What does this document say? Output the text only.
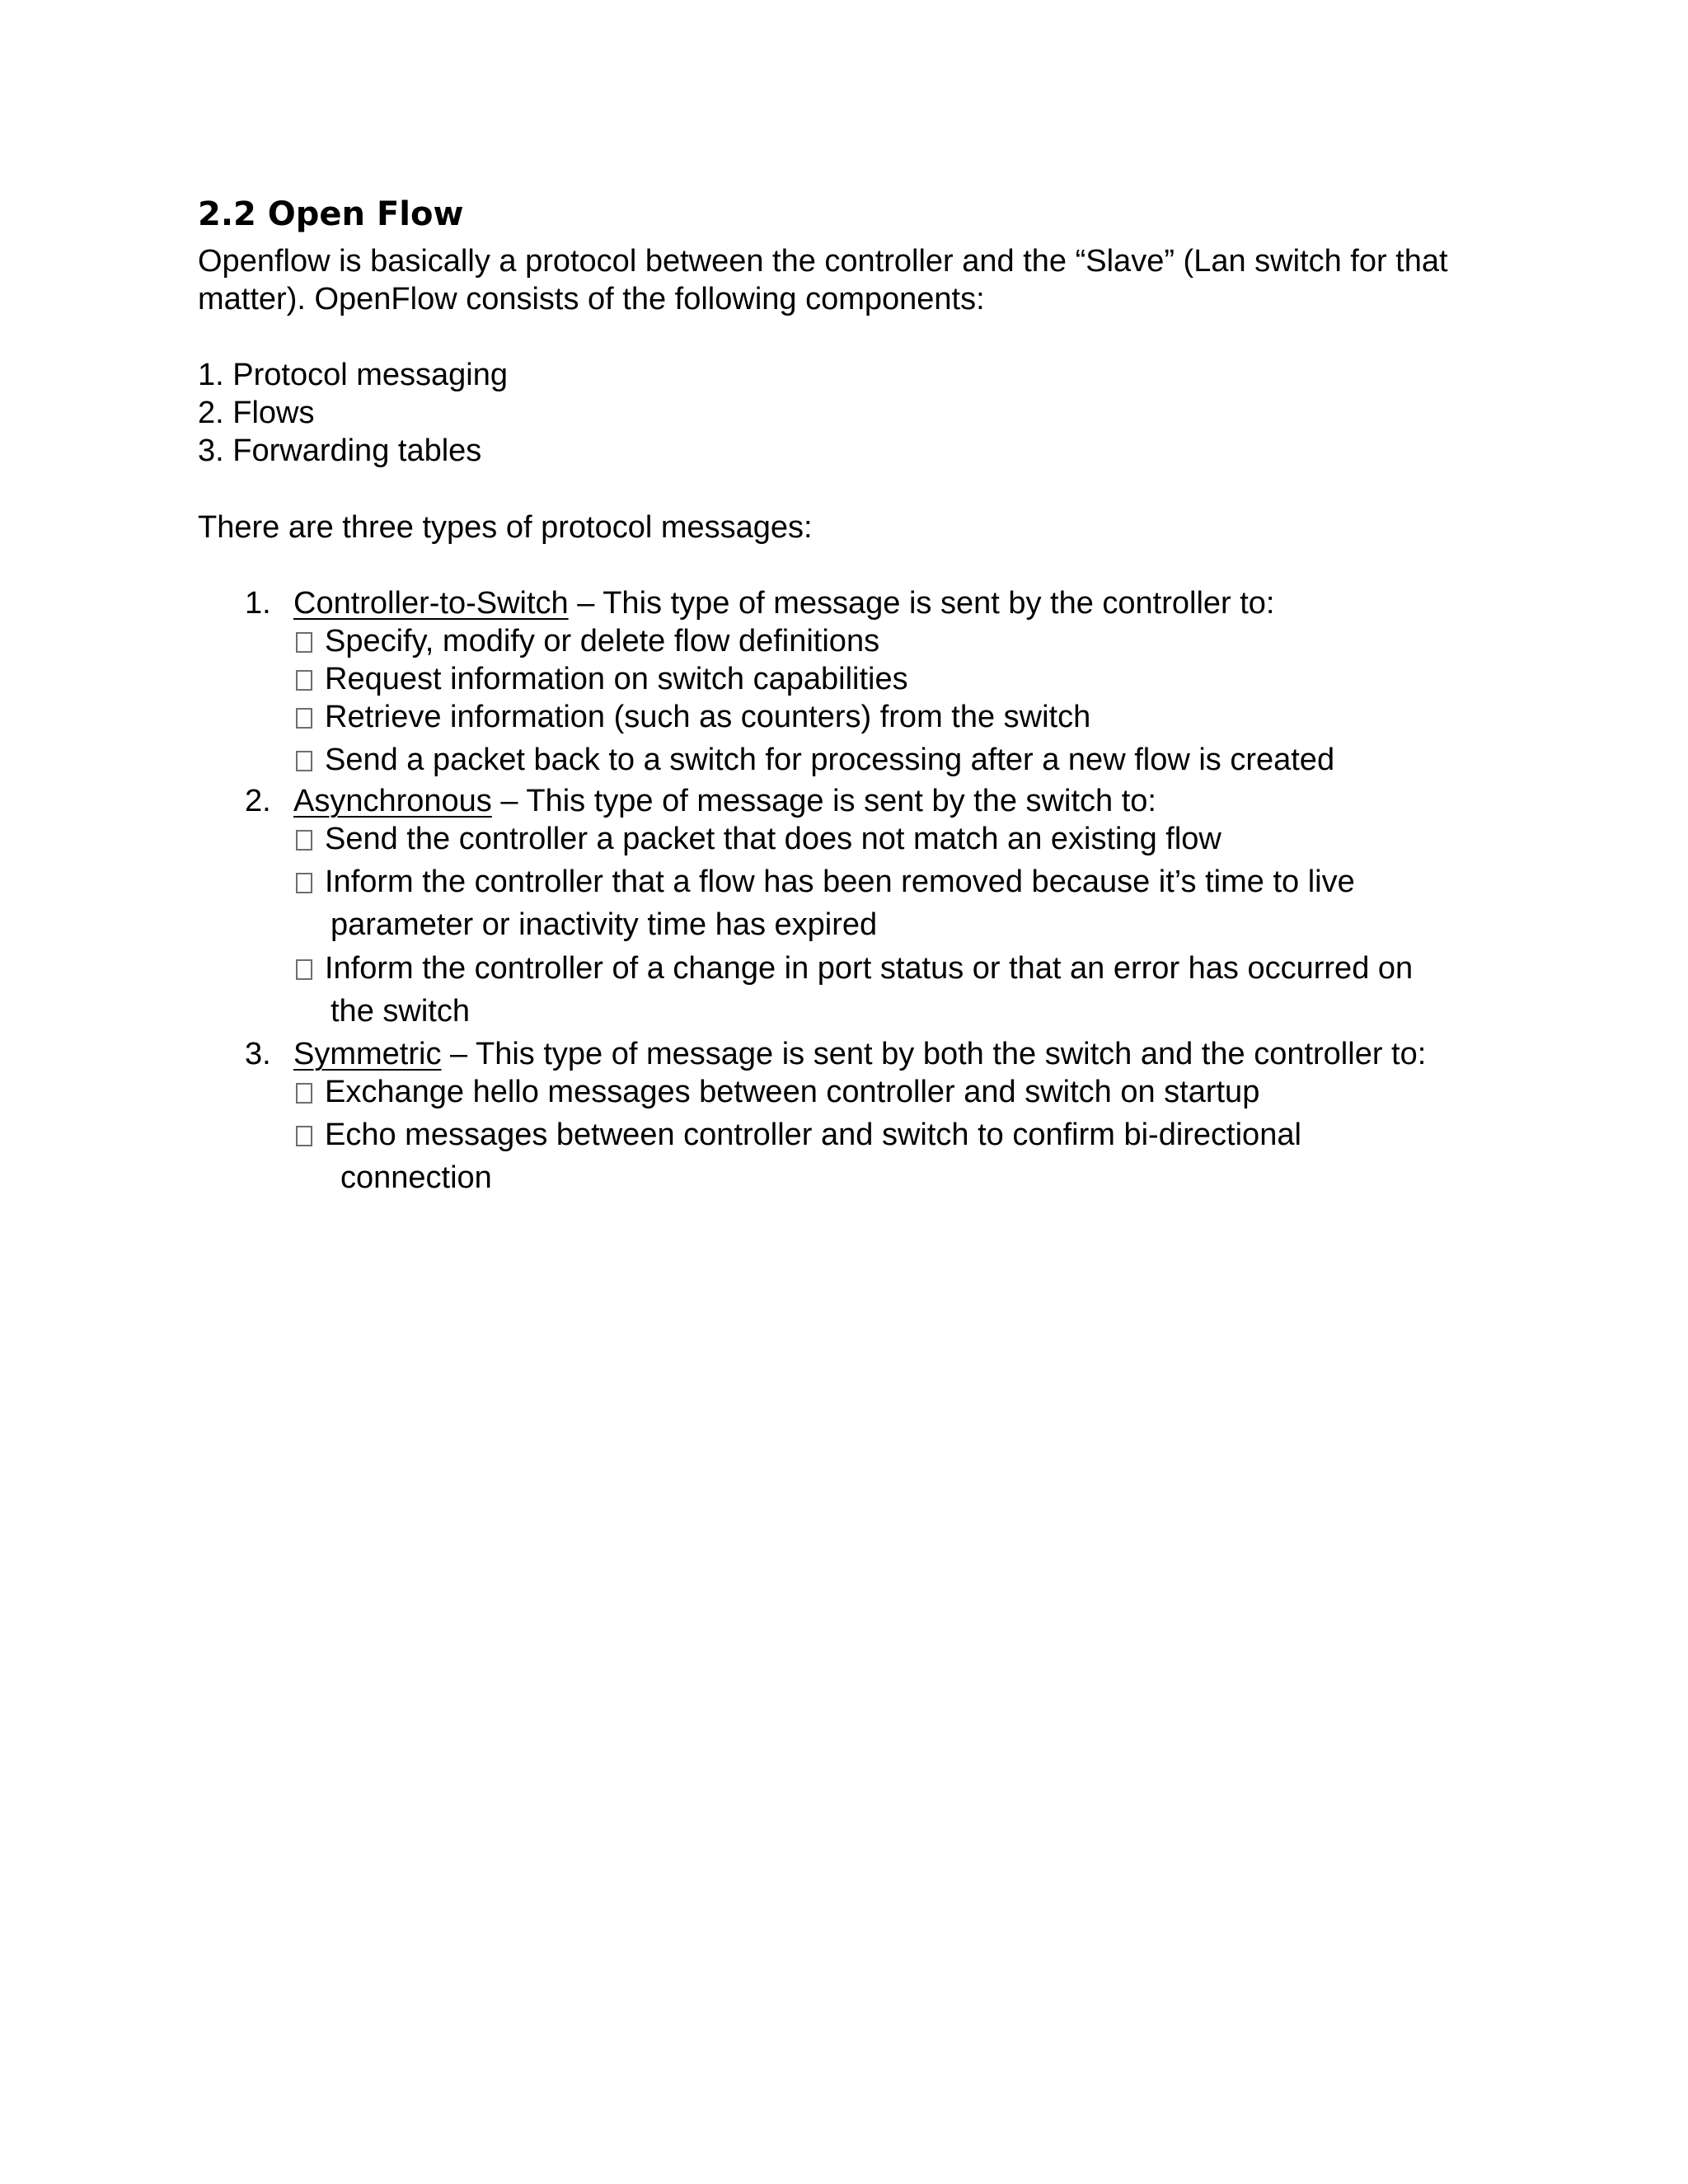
2.2 Open Flow
Openflow is basically a protocol between the controller and the “Slave” (Lan switch for that
matter). OpenFlow consists of the following components:
1. Protocol messaging
2. Flows
3. Forwarding tables
There are three types of protocol messages:
1. Controller-to-Switch – This type of message is sent by the controller to:
Specify, modify or delete flow definitions
Request information on switch capabilities
Retrieve information (such as counters) from the switch
Send a packet back to a switch for processing after a new flow is created
2. Asynchronous – This type of message is sent by the switch to:
Send the controller a packet that does not match an existing flow
Inform the controller that a flow has been removed because it’s time to live
parameter or inactivity time has expired
Inform the controller of a change in port status or that an error has occurred on
the switch
3. Symmetric – This type of message is sent by both the switch and the controller to:
Exchange hello messages between controller and switch on startup
Echo messages between controller and switch to confirm bi-directional
connection
